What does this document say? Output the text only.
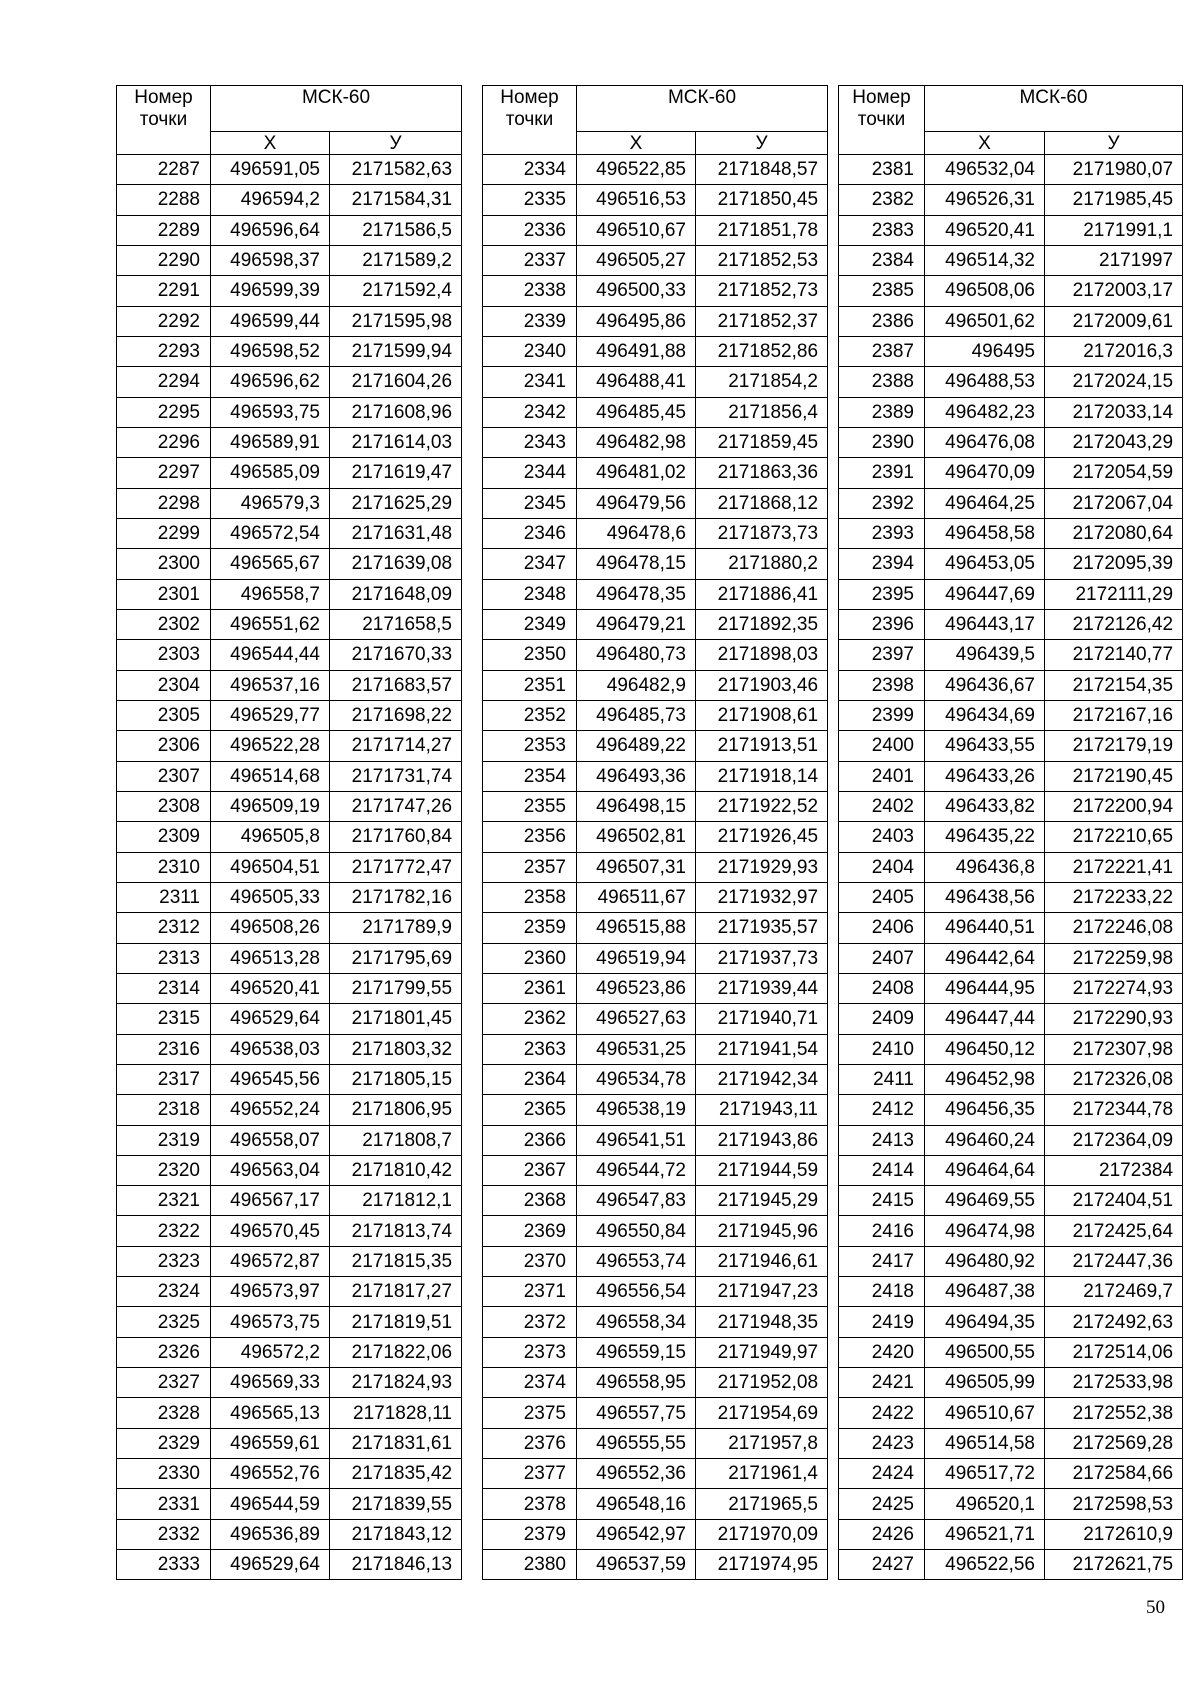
Номер точки	МСК-60	
	Х	У
2287	496591,05	2171582,63
2288	496594,2	2171584,31
2289	496596,64	2171586,5
2290	496598,37	2171589,2
2291	496599,39	2171592,4
2292	496599,44	2171595,98
2293	496598,52	2171599,94
2294	496596,62	2171604,26
2295	496593,75	2171608,96
2296	496589,91	2171614,03
2297	496585,09	2171619,47
2298	496579,3	2171625,29
2299	496572,54	2171631,48
2300	496565,67	2171639,08
2301	496558,7	2171648,09
2302	496551,62	2171658,5
2303	496544,44	2171670,33
2304	496537,16	2171683,57
2305	496529,77	2171698,22
2306	496522,28	2171714,27
2307	496514,68	2171731,74
2308	496509,19	2171747,26
2309	496505,8	2171760,84
2310	496504,51	2171772,47
2311	496505,33	2171782,16
2312	496508,26	2171789,9
2313	496513,28	2171795,69
2314	496520,41	2171799,55
2315	496529,64	2171801,45
2316	496538,03	2171803,32
2317	496545,56	2171805,15
2318	496552,24	2171806,95
2319	496558,07	2171808,7
2320	496563,04	2171810,42
2321	496567,17	2171812,1
2322	496570,45	2171813,74
2323	496572,87	2171815,35
2324	496573,97	2171817,27
2325	496573,75	2171819,51
2326	496572,2	2171822,06
2327	496569,33	2171824,93
2328	496565,13	2171828,11
2329	496559,61	2171831,61
2330	496552,76	2171835,42
2331	496544,59	2171839,55
2332	496536,89	2171843,12
2333	496529,64	2171846,13
Номер точки	МСК-60	
	Х	У
2334	496522,85	2171848,57
2335	496516,53	2171850,45
2336	496510,67	2171851,78
2337	496505,27	2171852,53
2338	496500,33	2171852,73
2339	496495,86	2171852,37
2340	496491,88	2171852,86
2341	496488,41	2171854,2
2342	496485,45	2171856,4
2343	496482,98	2171859,45
2344	496481,02	2171863,36
2345	496479,56	2171868,12
2346	496478,6	2171873,73
2347	496478,15	2171880,2
2348	496478,35	2171886,41
2349	496479,21	2171892,35
2350	496480,73	2171898,03
2351	496482,9	2171903,46
2352	496485,73	2171908,61
2353	496489,22	2171913,51
2354	496493,36	2171918,14
2355	496498,15	2171922,52
2356	496502,81	2171926,45
2357	496507,31	2171929,93
2358	496511,67	2171932,97
2359	496515,88	2171935,57
2360	496519,94	2171937,73
2361	496523,86	2171939,44
2362	496527,63	2171940,71
2363	496531,25	2171941,54
2364	496534,78	2171942,34
2365	496538,19	2171943,11
2366	496541,51	2171943,86
2367	496544,72	2171944,59
2368	496547,83	2171945,29
2369	496550,84	2171945,96
2370	496553,74	2171946,61
2371	496556,54	2171947,23
2372	496558,34	2171948,35
2373	496559,15	2171949,97
2374	496558,95	2171952,08
2375	496557,75	2171954,69
2376	496555,55	2171957,8
2377	496552,36	2171961,4
2378	496548,16	2171965,5
2379	496542,97	2171970,09
2380	496537,59	2171974,95
Номер точки	МСК-60	
	Х	У
2381	496532,04	2171980,07
2382	496526,31	2171985,45
2383	496520,41	2171991,1
2384	496514,32	2171997
2385	496508,06	2172003,17
2386	496501,62	2172009,61
2387	496495	2172016,3
2388	496488,53	2172024,15
2389	496482,23	2172033,14
2390	496476,08	2172043,29
2391	496470,09	2172054,59
2392	496464,25	2172067,04
2393	496458,58	2172080,64
2394	496453,05	2172095,39
2395	496447,69	2172111,29
2396	496443,17	2172126,42
2397	496439,5	2172140,77
2398	496436,67	2172154,35
2399	496434,69	2172167,16
2400	496433,55	2172179,19
2401	496433,26	2172190,45
2402	496433,82	2172200,94
2403	496435,22	2172210,65
2404	496436,8	2172221,41
2405	496438,56	2172233,22
2406	496440,51	2172246,08
2407	496442,64	2172259,98
2408	496444,95	2172274,93
2409	496447,44	2172290,93
2410	496450,12	2172307,98
2411	496452,98	2172326,08
2412	496456,35	2172344,78
2413	496460,24	2172364,09
2414	496464,64	2172384
2415	496469,55	2172404,51
2416	496474,98	2172425,64
2417	496480,92	2172447,36
2418	496487,38	2172469,7
2419	496494,35	2172492,63
2420	496500,55	2172514,06
2421	496505,99	2172533,98
2422	496510,67	2172552,38
2423	496514,58	2172569,28
2424	496517,72	2172584,66
2425	496520,1	2172598,53
2426	496521,71	2172610,9
2427	496522,56	2172621,75
50
